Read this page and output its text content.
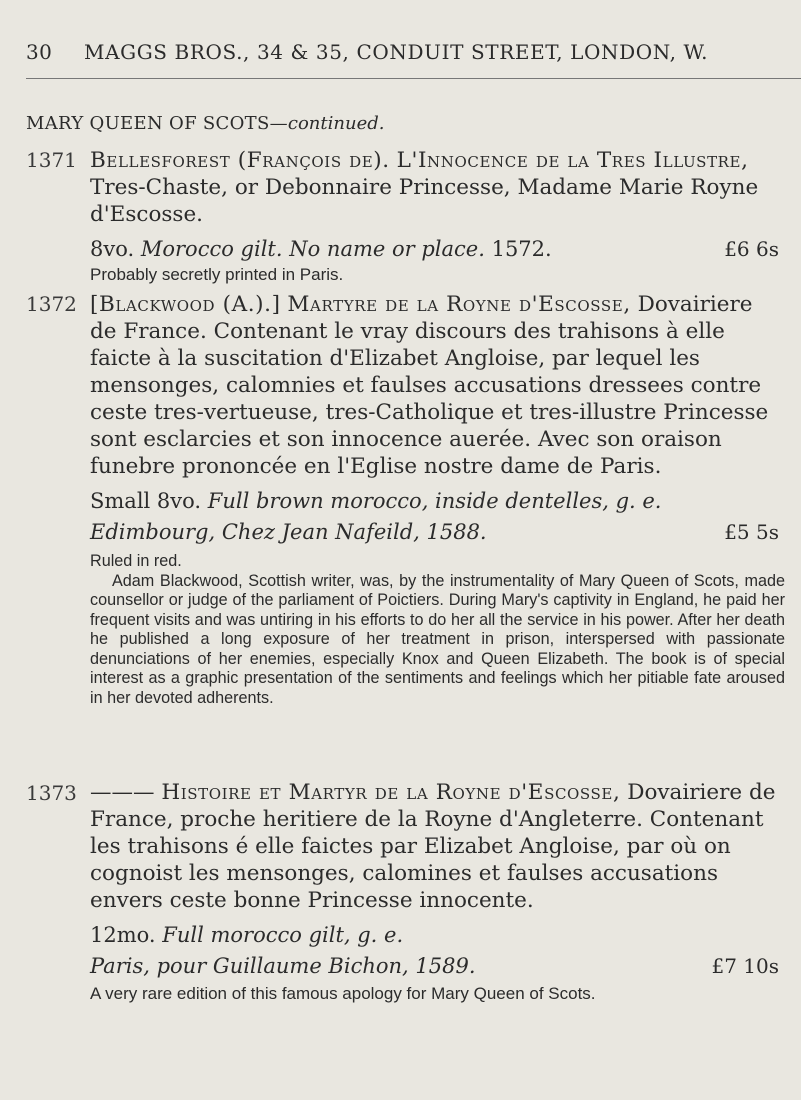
30 MAGGS BROS., 34 & 35, CONDUIT STREET, LONDON, W.
MARY QUEEN OF SCOTS—continued.
1371 Bellesforest (François de). L'Innocence de la Tres Illustre, Tres-Chaste, or Debonnaire Princesse, Madame Marie Royne d'Escosse.

8vo. Morocco gilt. No name or place. 1572.	£6 6s

Probably secretly printed in Paris.

1372 [Blackwood (A.).] Martyre de la Royne d'Escosse, Dovairiere de France. Contenant le vray discours des trahisons à elle faicte à la suscitation d'Elizabet Angloise, par lequel les mensonges, calomnies et faulses accusations dressees contre ceste tres-vertueuse, tres-Catholique et tres-illustre Princesse sont esclarcies et son innocence auerée. Avec son oraison funebre prononcée en l'Eglise nostre dame de Paris.

Small 8vo. Full brown morocco, inside dentelles, g. e.
Edimbourg, Chez Jean Nafeild, 1588.	£5 5s

Ruled in red.

Adam Blackwood, Scottish writer, was, by the instrumentality of Mary Queen of Scots, made counsellor or judge of the parliament of Poictiers. During Mary's captivity in England, he paid her frequent visits and was untiring in his efforts to do her all the service in his power. After her death he published a long exposure of her treatment in prison, interspersed with passionate denunciations of her enemies, especially Knox and Queen Elizabeth. The book is of special interest as a graphic presentation of the sentiments and feelings which her pitiable fate aroused in her devoted adherents.

1373 ——— Histoire et Martyr de la Royne d'Escosse, Dovairiere de France, proche heritiere de la Royne d'Angleterre. Contenant les trahisons é elle faictes par Elizabet Angloise, par où on cognoist les mensonges, calomines et faulses accusations envers ceste bonne Princesse innocente.

12mo. Full morocco gilt, g. e.
Paris, pour Guillaume Bichon, 1589.	£7 10s

A very rare edition of this famous apology for Mary Queen of Scots.
